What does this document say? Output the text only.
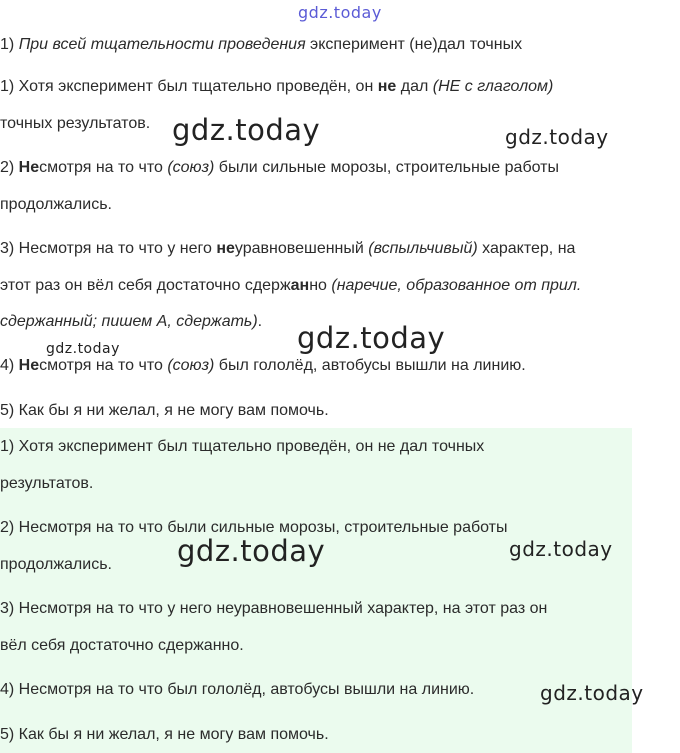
gdz.today

1) При всей тщательности проведения эксперимент (не)дал точных

1) Хотя эксперимент был тщательно проведён, он не дал (НЕ с глаголом)

точных результатов.

2) Несмотря на то что (союз) были сильные морозы, строительные работы

продолжались.

3) Несмотря на то что у него неуравновешенный (вспыльчивый) характер, на

этот раз он вёл себя достаточно сдержанно (наречие, образованное от прил.

сдержанный; пишем А, сдержать).

4) Несмотря на то что (союз) был гололёд, автобусы вышли на линию.

5) Как бы я ни желал, я не могу вам помочь.

1) Хотя эксперимент был тщательно проведён, он не дал точных

результатов.

2) Несмотря на то что были сильные морозы, строительные работы

продолжались.

3) Несмотря на то что у него неуравновешенный характер, на этот раз он

вёл себя достаточно сдержанно.

4) Несмотря на то что был гололёд, автобусы вышли на линию.

5) Как бы я ни желал, я не могу вам помочь.

gdz.today	gdz.today
gdz.today
gdz.today
gdz.today	gdz.today
gdz.today
